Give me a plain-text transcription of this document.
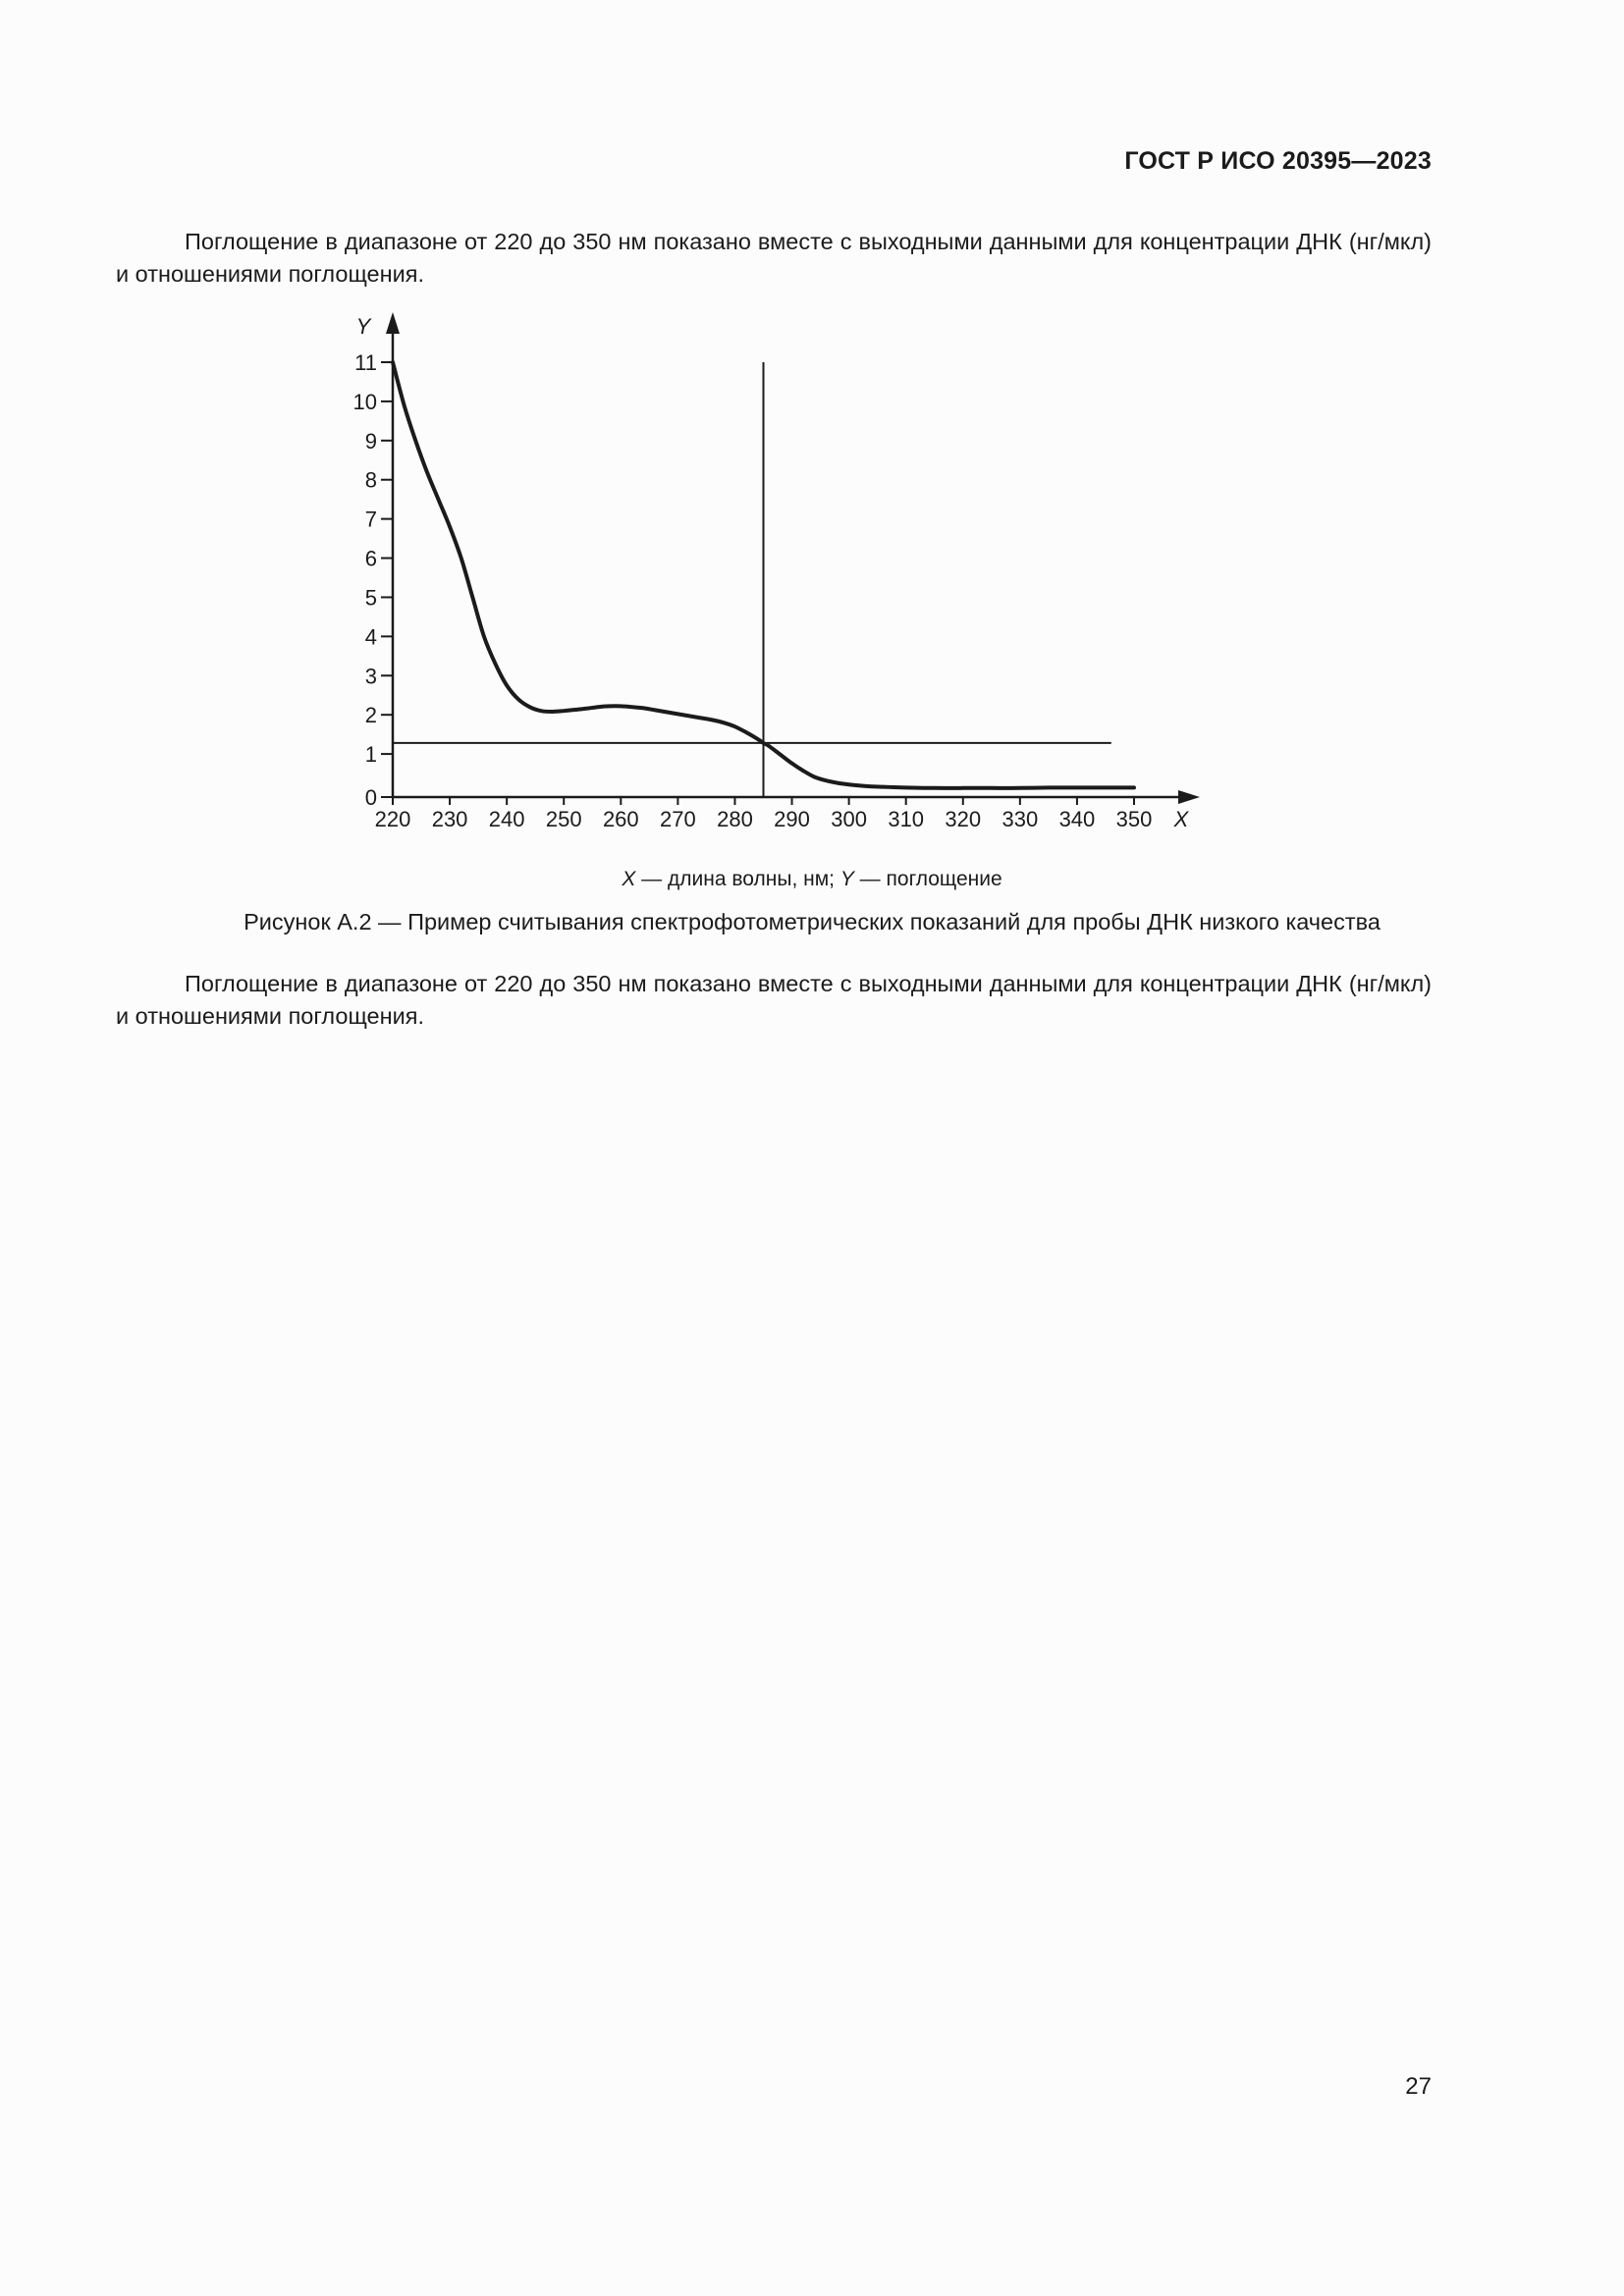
ГОСТ Р ИСО 20395—2023

Поглощение в диапазоне от 220 до 350 нм показано вместе с выходными данными для концентрации ДНК (нг/мкл) и отношениями поглощения.

Y
X
0
1
2
3
4
5
6
7
8
9
10
11
220 230 240 250 260 270 280 290 300 310 320 330 340 350
X — длина волны, нм; Y — поглощение
Рисунок А.2 — Пример считывания спектрофотометрических показаний для пробы ДНК низкого качества

Поглощение в диапазоне от 220 до 350 нм показано вместе с выходными данными для концентрации ДНК (нг/мкл) и отношениями поглощения.

27
